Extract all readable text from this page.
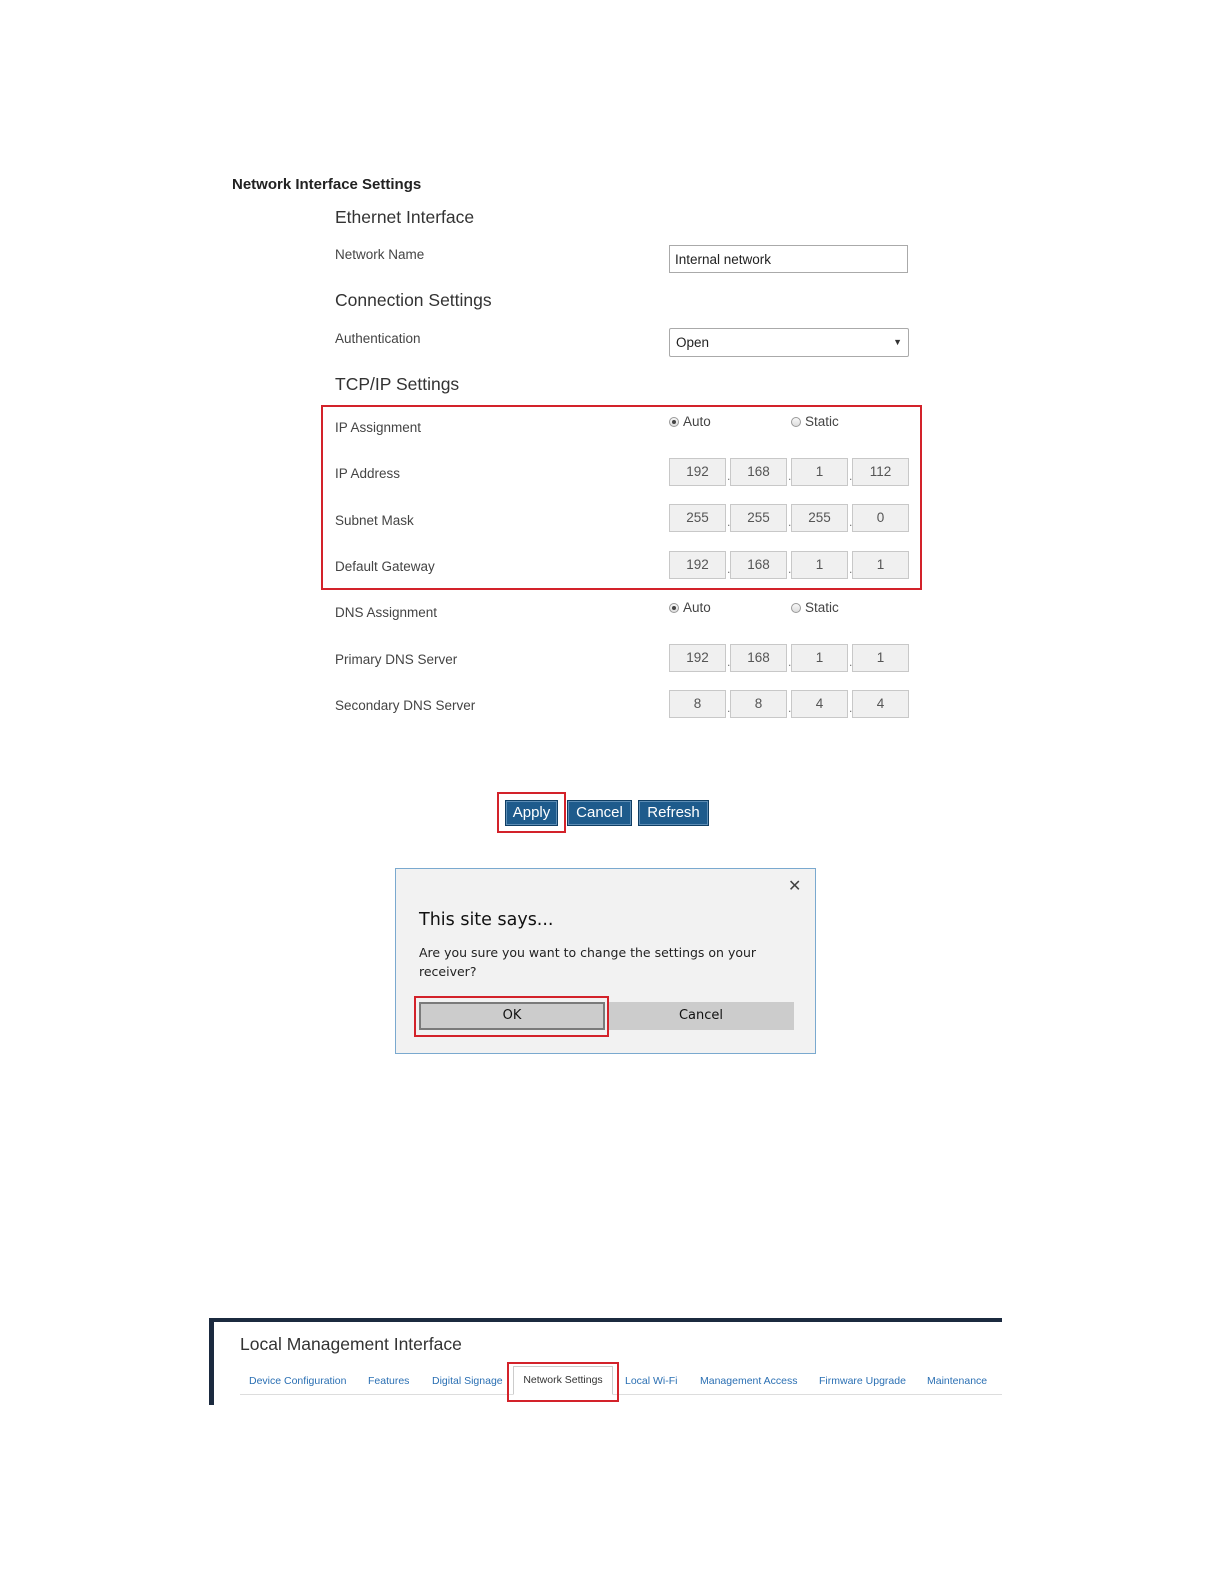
Network Interface Settings
Ethernet Interface
Network Name
Internal network
Connection Settings
Authentication	Open	▼
TCP/IP Settings
IP Assignment	Auto	Static
IP Address	192	.	168	.	1	.	112
Subnet Mask	255	.	255	.	255	.	0
Default Gateway	192	.	168	.	1	.	1
DNS Assignment	Auto	Static
Primary DNS Server	192	.	168	.	1	.	1
Secondary DNS Server	8	.	8	.	4	.	4
Apply	Cancel	Refresh
✕
This site says...
Are you sure you want to change the settings on your receiver?
OK	Cancel
Local Management Interface
Device Configuration Features Digital Signage	Network Settings	Local Wi-Fi Management Access Firmware Upgrade Maintenance
